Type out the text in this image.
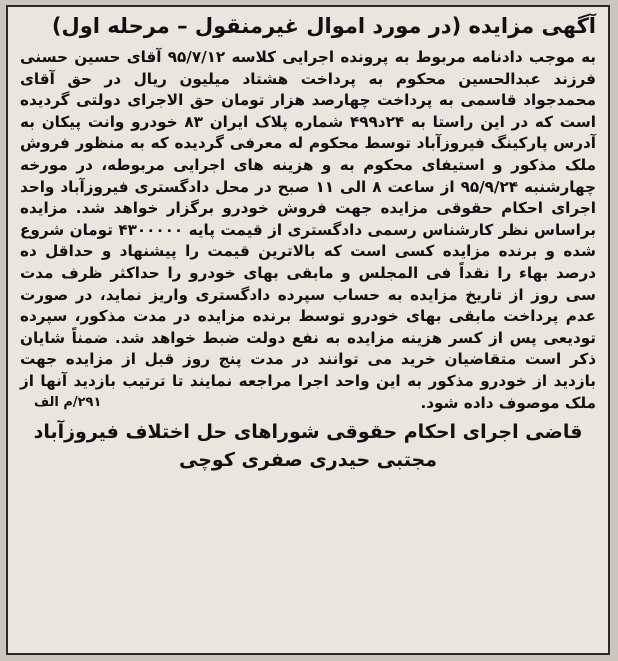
آگهی مزایده (در مورد اموال غیرمنقول – مرحله اول)

به موجب دادنامه مربوط به پرونده اجرایی کلاسه ۹۵/۷/۱۲ آقای حسین حسنی فرزند عبدالحسین محکوم به پرداخت هشتاد میلیون ریال در حق آقای محمدجواد قاسمی به پرداخت چهارصد هزار تومان حق الاجرای دولتی گردیده است که در این راستا به ۲۴د۴۹۹ شماره پلاک ایران ۸۳ خودرو وانت پیکان به آدرس پارکینگ فیروزآباد توسط محکوم له معرفی گردیده که به منظور فروش ملک مذکور و استیفای محکوم به و هزینه های اجرایی مربوطه، در مورخه چهارشنبه ۹۵/۹/۲۴ از ساعت ۸ الی ۱۱ صبح در محل دادگستری فیروزآباد واحد اجرای احکام حقوقی مزایده جهت فروش خودرو برگزار خواهد شد. مزایده براساس نظر کارشناس رسمی دادگستری از قیمت پایه ۴۳۰۰۰۰۰ تومان شروع شده و برنده مزایده کسی است که بالاترین قیمت را پیشنهاد و حداقل ده درصد بهاء را نقداً فی المجلس و مابقی بهای خودرو را حداکثر ظرف مدت سی روز از تاریخ مزایده به حساب سپرده دادگستری واریز نماید، در صورت عدم پرداخت مابقی بهای خودرو توسط برنده مزایده در مدت مذکور، سپرده تودیعی پس از کسر هزینه مزایده به نفع دولت ضبط خواهد شد. ضمناً شایان ذکر است متقاضیان خرید می توانند در مدت پنج روز قبل از مزایده جهت بازدید از خودرو مذکور به این واحد اجرا مراجعه نمایند تا ترتیب بازدید آنها از ملک موصوف داده شود.

۲۹۱/م الف
قاضی اجرای احکام حقوقی شوراهای حل اختلاف فیروزآباد
مجتبی حیدری صفری کوچی
